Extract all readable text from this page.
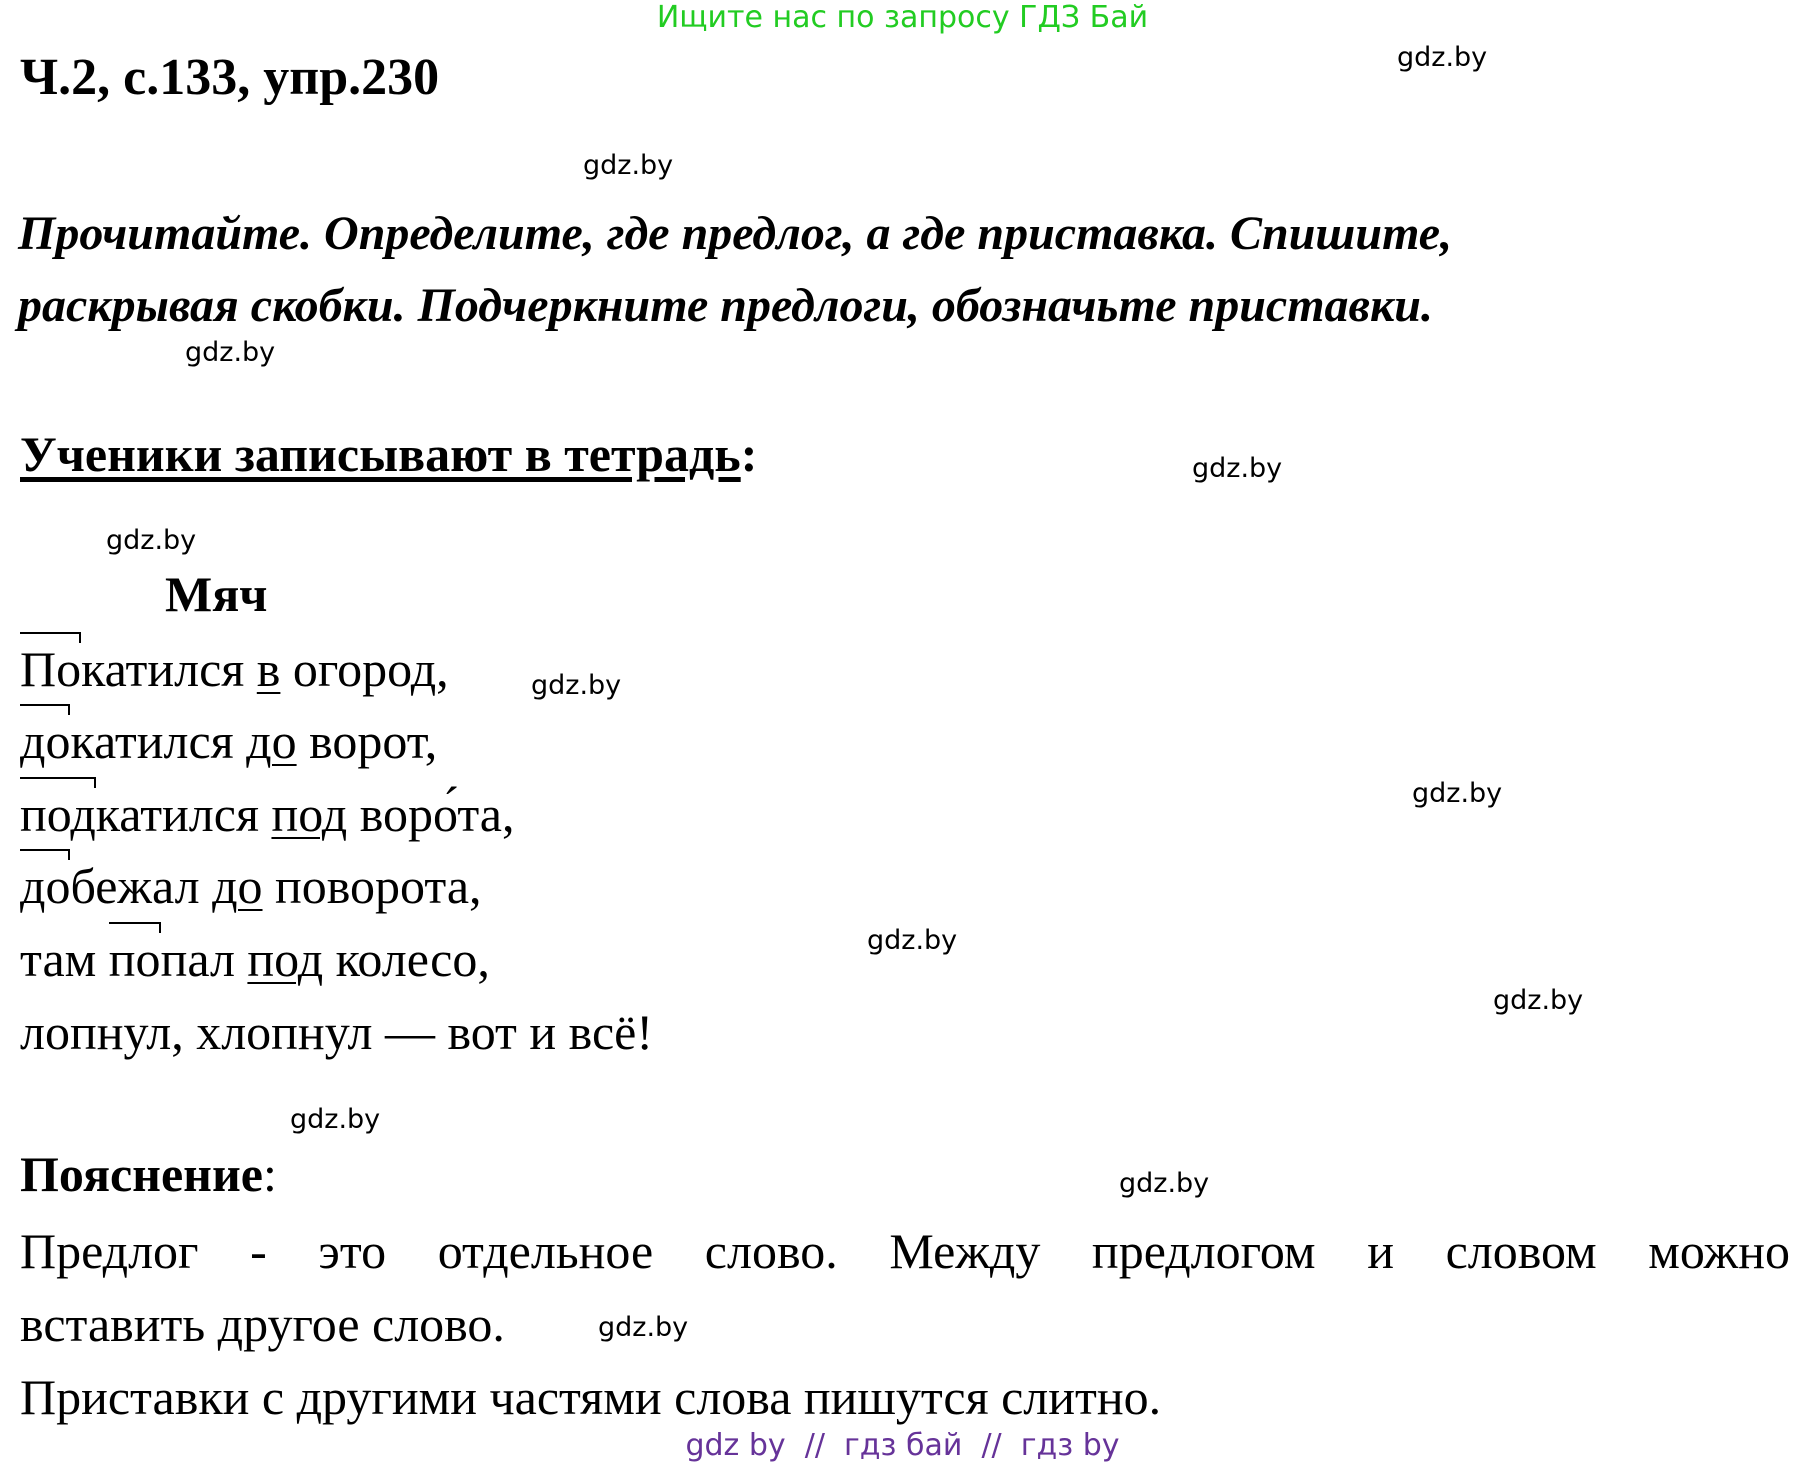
Ищите нас по запросу ГДЗ Бай
Ч.2, с.133, упр.230	gdz.by
gdz.by
gdz.by
gdz.by
gdz.by
gdz.by
gdz.by
gdz.by
gdz.by
gdz.by
gdz.by
gdz.by
Прочитайте. Определите, где предлог, а где приставка. Спишите,
раскрывая скобки. Подчеркните предлоги, обозначьте приставки.
Ученики записывают в тетрадь:
Мяч
Покатился в огород,
докатился до ворот,
подкатился под воро́та,
добежал до поворота,
там попал под колесо,
лопнул, хлопнул — вот и всё!
Пояснение:
Предлог - это отдельное слово. Между предлогом и словом можно
вставить другое слово.
Приставки с другими частями слова пишутся слитно.
gdz by  //  гдз бай  //  гдз by
